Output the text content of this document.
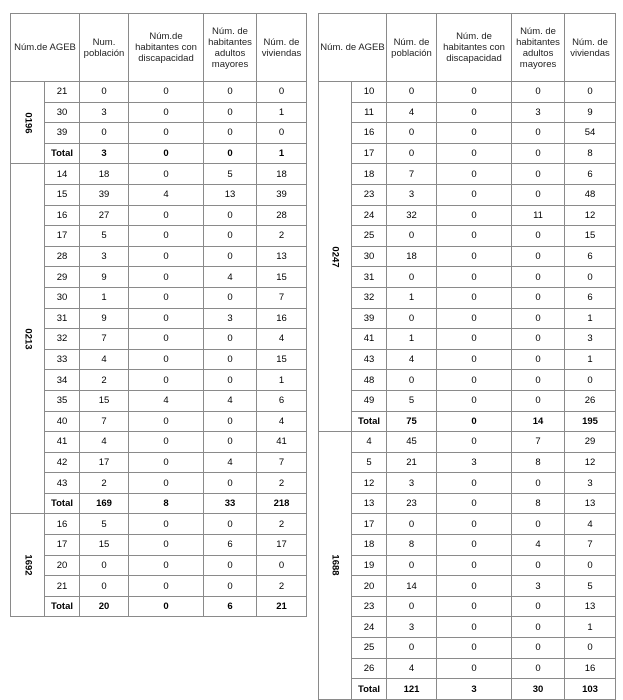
Núm.de AGEB		Num. población	Núm.de habitantes con discapacidad	Núm. de habitantes adultos mayores	Núm. de viviendas

0196	21	0	0	0	0
	30	3	0	0	1
	39	0	0	0	0
	Total	3	0	0	1

0213	14	18	0	5	18
	15	39	4	13	39
	16	27	0	0	28
	17	5	0	0	2
	28	3	0	0	13
	29	9	0	4	15
	30	1	0	0	7
	31	9	0	3	16
	32	7	0	0	4
	33	4	0	0	15
	34	2	0	0	1
	35	15	4	4	6
	40	7	0	0	4
	41	4	0	0	41
	42	17	0	4	7
	43	2	0	0	2
	Total	169	8	33	218

1692	16	5	0	0	2
	17	15	0	6	17
	20	0	0	0	0
	21	0	0	0	2
	Total	20	0	6	21
Núm. de AGEB		Núm. de población	Núm. de habitantes con discapacidad	Núm. de habitantes adultos mayores	Núm. de viviendas

0247	10	0	0	0	0
	11	4	0	3	9
	16	0	0	0	54
	17	0	0	0	8
	18	7	0	0	6
	23	3	0	0	48
	24	32	0	11	12
	25	0	0	0	15
	30	18	0	0	6
	31	0	0	0	0
	32	1	0	0	6
	39	0	0	0	1
	41	1	0	0	3
	43	4	0	0	1
	48	0	0	0	0
	49	5	0	0	26
	Total	75	0	14	195

1688	4	45	0	7	29
	5	21	3	8	12
	12	3	0	0	3
	13	23	0	8	13
	17	0	0	0	4
	18	8	0	4	7
	19	0	0	0	0
	20	14	0	3	5
	23	0	0	0	13
	24	3	0	0	1
	25	0	0	0	0
	26	4	0	0	16
	Total	121	3	30	103
